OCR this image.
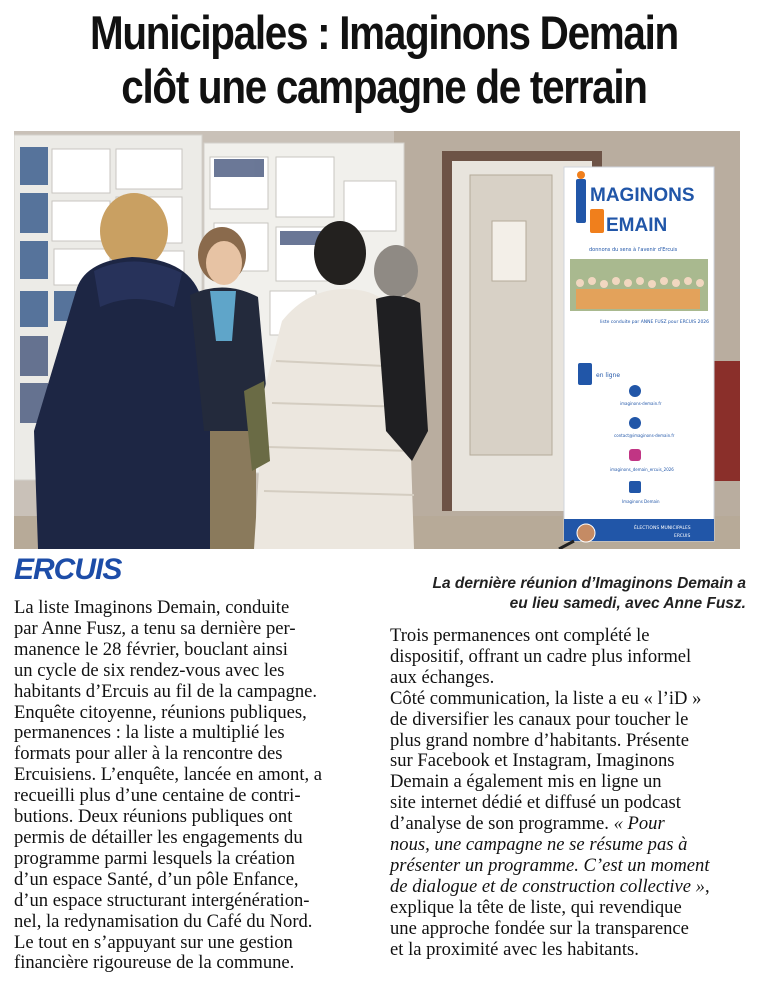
Municipales : Imaginons Demain
clôt une campagne de terrain
MAGINONS
EMAIN
donnons du sens à l'avenir d'Ercuis
liste conduite par ANNE FUSZ pour ERCUIS 2026
en ligne
imaginons-demain.fr
contact@imaginons-demain.fr
imaginons_demain_ercuis_2026
Imaginons Demain
ÉLECTIONS MUNICIPALES
ERCUIS
ERCUIS	La dernière réunion d’Imaginons Demain a
eu lieu samedi, avec Anne Fusz.

La liste Imaginons Demain, conduite

par Anne Fusz, a tenu sa dernière per-

manence le 28 février, bouclant ainsi

un cycle de six rendez-vous avec les

habitants d’Ercuis au fil de la campagne.

Enquête citoyenne, réunions publiques,

permanences : la liste a multiplié les

formats pour aller à la rencontre des

Ercuisiens. L’enquête, lancée en amont, a

recueilli plus d’une centaine de contri-

butions. Deux réunions publiques ont

permis de détailler les engagements du

programme parmi lesquels la création

d’un espace Santé, d’un pôle Enfance,

d’un espace structurant intergénération-

nel, la redynamisation du Café du Nord.

Le tout en s’appuyant sur une gestion

financière rigoureuse de la commune.

Trois permanences ont complété le

dispositif, offrant un cadre plus informel

aux échanges.

Côté communication, la liste a eu « l’iD »

de diversifier les canaux pour toucher le

plus grand nombre d’habitants. Présente

sur Facebook et Instagram, Imaginons

Demain a également mis en ligne un

site internet dédié et diffusé un podcast

d’analyse de son programme. « Pour

nous, une campagne ne se résume pas à

présenter un programme. C’est un moment

de dialogue et de construction collective »,

explique la tête de liste, qui revendique

une approche fondée sur la transparence

et la proximité avec les habitants.
